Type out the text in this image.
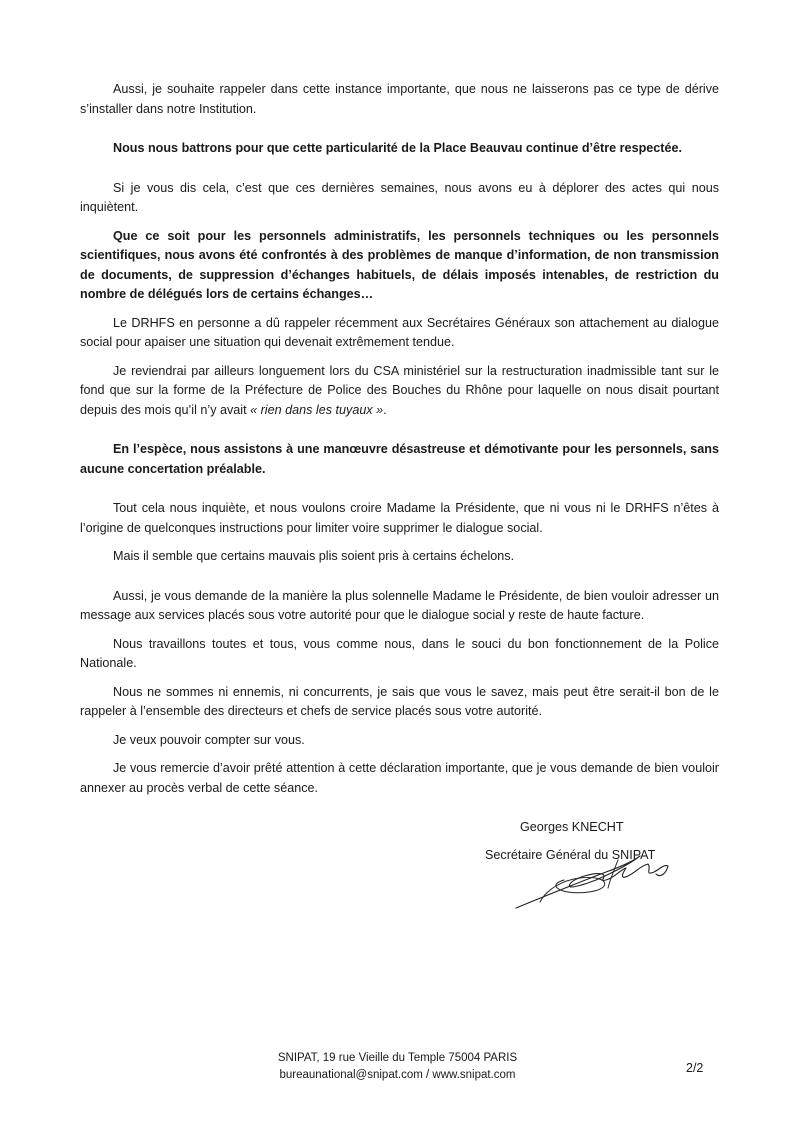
Aussi, je souhaite rappeler dans cette instance importante, que nous ne laisserons pas ce type de dérive s’installer dans notre Institution.

Nous nous battrons pour que cette particularité de la Place Beauvau continue d’être respectée.

Si je vous dis cela, c’est que ces dernières semaines, nous avons eu à déplorer des actes qui nous inquiètent.

Que ce soit pour les personnels administratifs, les personnels techniques ou les personnels scientifiques, nous avons été confrontés à des problèmes de manque d’information, de non transmission de documents, de suppression d’échanges habituels, de délais imposés intenables, de restriction du nombre de délégués lors de certains échanges…

Le DRHFS en personne a dû rappeler récemment aux Secrétaires Généraux son attachement au dialogue social pour apaiser une situation qui devenait extrêmement tendue.

Je reviendrai par ailleurs longuement lors du CSA ministériel sur la restructuration inadmissible tant sur le fond que sur la forme de la Préfecture de Police des Bouches du Rhône pour laquelle on nous disait pourtant depuis des mois qu’il n’y avait « rien dans les tuyaux ».

En l’espèce, nous assistons à une manœuvre désastreuse et démotivante pour les personnels, sans aucune concertation préalable.

Tout cela nous inquiète, et nous voulons croire Madame la Présidente, que ni vous ni le DRHFS n’êtes à l’origine de quelconques instructions pour limiter voire supprimer le dialogue social.

Mais il semble que certains mauvais plis soient pris à certains échelons.

Aussi, je vous demande de la manière la plus solennelle Madame le Présidente, de bien vouloir adresser un message aux services placés sous votre autorité pour que le dialogue social y reste de haute facture.

Nous travaillons toutes et tous, vous comme nous, dans le souci du bon fonctionnement de la Police Nationale.

Nous ne sommes ni ennemis, ni concurrents, je sais que vous le savez, mais peut être serait-il bon de le rappeler à l’ensemble des directeurs et chefs de service placés sous votre autorité.

Je veux pouvoir compter sur vous.

Je vous remercie d’avoir prêté attention à cette déclaration importante, que je vous demande de bien vouloir annexer au procès verbal de cette séance.

Georges KNECHT
Secrétaire Général du SNIPAT
SNIPAT, 19 rue Vieille du Temple 75004 PARIS
bureaunational@snipat.com / www.snipat.com	2/2
